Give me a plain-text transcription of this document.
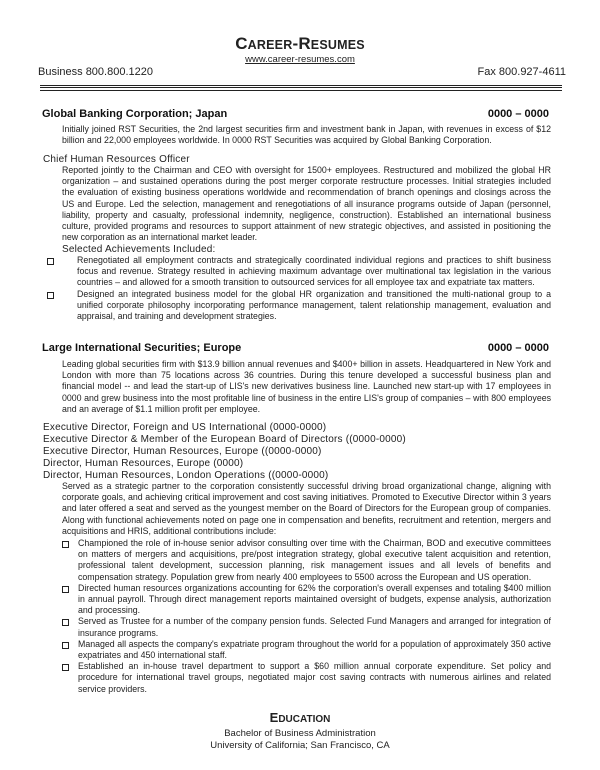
CAREER-RESUMES
www.career-resumes.com
Business 800.800.1220	Fax 800.927-4611
Global Banking Corporation; Japan	0000 – 0000
Initially joined RST Securities, the 2nd largest securities firm and investment bank in Japan, with revenues in excess of $12 billion and 22,000 employees worldwide. In 0000 RST Securities was acquired by Global Banking Corporation.
Chief Human Resources Officer
Reported jointly to the Chairman and CEO with oversight for 1500+ employees. Restructured and mobilized the global HR organization – and sustained operations during the post merger corporate restructure processes. Initial strategies included the evaluation of existing business operations worldwide and recommendation of branch openings and closings across the US and Europe. Led the selection, management and renegotiations of all insurance programs outside of Japan (personnel, liability, property and casualty, professional indemnity, negligence, construction). Established an international business culture, provided programs and resources to support attainment of new strategic objectives, and assisted in positioning the new corporation as an international market leader.
Selected Achievements Included:
Renegotiated all employment contracts and strategically coordinated individual regions and practices to shift business focus and revenue. Strategy resulted in achieving maximum advantage over multinational tax legislation in the various countries – and allowed for a smooth transition to outsourced services for all employee tax and expatriate tax matters.
Designed an integrated business model for the global HR organization and transitioned the multi-national group to a unified corporate philosophy incorporating performance management, talent relationship management, evaluation and appraisal, and training and development strategies.
Large International Securities; Europe	0000 – 0000
Leading global securities firm with $13.9 billion annual revenues and $400+ billion in assets. Headquartered in New York and London with more than 75 locations across 36 countries. During this tenure developed a successful business plan and financial model -- and lead the start-up of LIS's new derivatives business line. Launched new start-up with 17 employees in 0000 and grew business into the most profitable line of business in the entire LIS's group of companies – with 800 employees and an average of $1.1 million profit per employee.
Executive Director, Foreign and US International (0000-0000)
Executive Director & Member of the European Board of Directors ((0000-0000)
Executive Director, Human Resources, Europe ((0000-0000)
Director, Human Resources, Europe (0000)
Director, Human Resources, London Operations ((0000-0000)
Served as a strategic partner to the corporation consistently successful driving broad organizational change, aligning with corporate goals, and achieving critical improvement and cost saving initiatives. Promoted to Executive Director within 3 years and later offered a seat and served as the youngest member on the Board of Directors for the European group of companies. Along with functional achievements noted on page one in compensation and benefits, recruitment and retention, mergers and acquisitions and HRIS, additional contributions include:
Championed the role of in-house senior advisor consulting over time with the Chairman, BOD and executive committees on matters of mergers and acquisitions, pre/post integration strategy, global executive talent acquisition and retention, professional talent development, succession planning, risk management issues and all levels of benefits and compensation strategy. Population grew from nearly 400 employees to 5500 across the European and US operation.
Directed human resources organizations accounting for 62% the corporation's overall expenses and totaling $400 million in annual payroll. Through direct management reports maintained oversight of budgets, expense analysis, authorization and processing.
Served as Trustee for a number of the company pension funds. Selected Fund Managers and arranged for integration of insurance programs.
Managed all aspects the company's expatriate program throughout the world for a population of approximately 350 active expatriates and 450 international staff.
Established an in-house travel department to support a $60 million annual corporate expenditure. Set policy and procedure for international travel groups, negotiated major cost saving contracts with numerous airlines and related service providers.
EDUCATION
Bachelor of Business Administration
University of California; San Francisco, CA
